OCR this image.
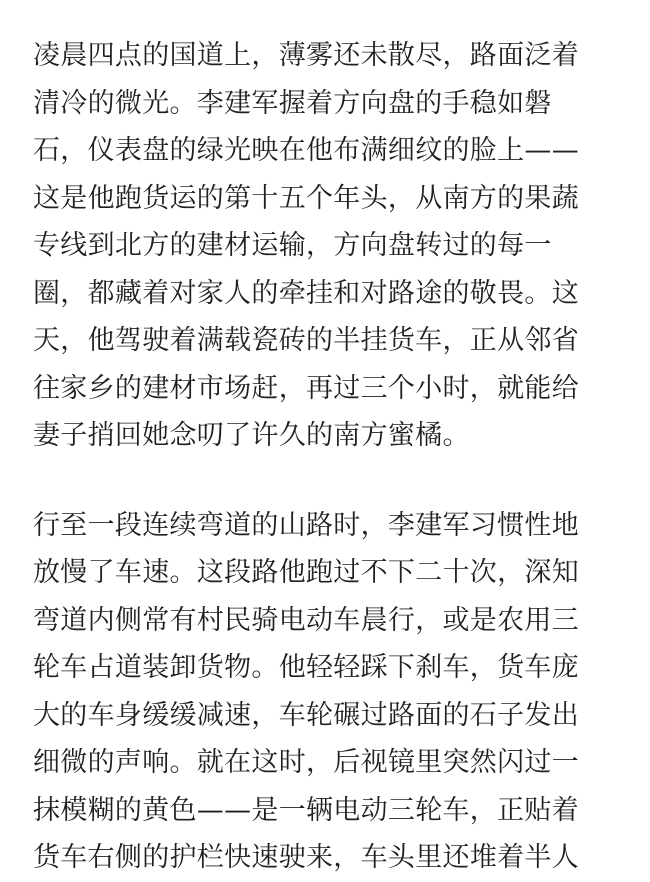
凌晨四点的国道上，薄雾还未散尽，路面泛着
清冷的微光。李建军握着方向盘的手稳如磐
石，仪表盘的绿光映在他布满细纹的脸上——
这是他跑货运的第十五个年头，从南方的果蔬
专线到北方的建材运输，方向盘转过的每一
圈，都藏着对家人的牵挂和对路途的敬畏。这
天，他驾驶着满载瓷砖的半挂货车，正从邻省
往家乡的建材市场赶，再过三个小时，就能给
妻子捎回她念叨了许久的南方蜜橘。

行至一段连续弯道的山路时，李建军习惯性地
放慢了车速。这段路他跑过不下二十次，深知
弯道内侧常有村民骑电动车晨行，或是农用三
轮车占道装卸货物。他轻轻踩下刹车，货车庞
大的车身缓缓减速，车轮碾过路面的石子发出
细微的声响。就在这时，后视镜里突然闪过一
抹模糊的黄色——是一辆电动三轮车，正贴着
货车右侧的护栏快速驶来，车头里还堆着半人
